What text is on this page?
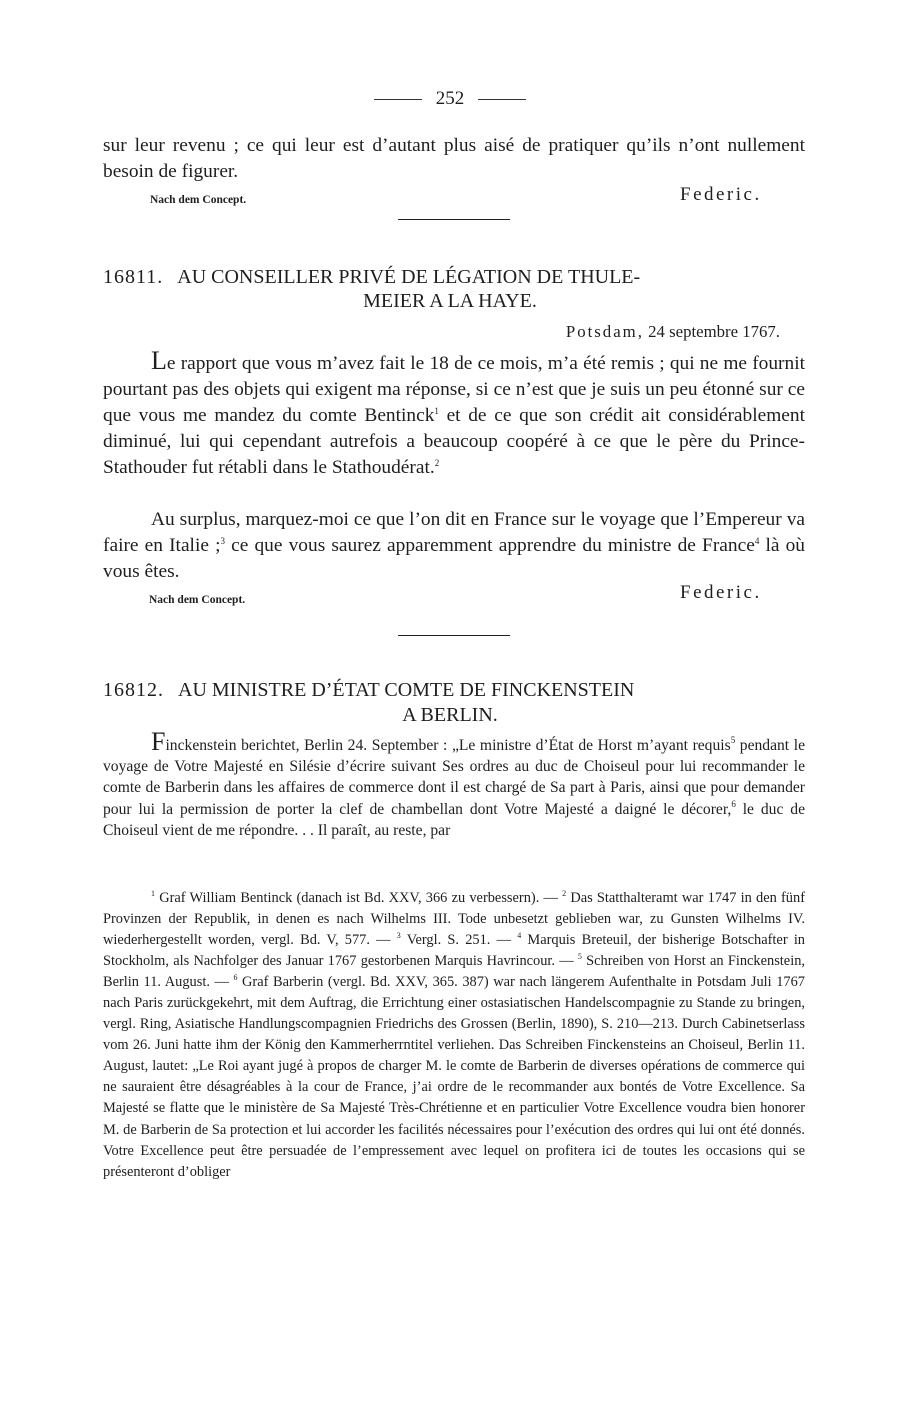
252

sur leur revenu ; ce qui leur est d’autant plus aisé de pratiquer qu’ils n’ont nullement besoin de figurer.

Nach dem Concept.	Federic.
16811. AU CONSEILLER PRIVÉ DE LÉGATION DE THULE-
MEIER A LA HAYE.
Potsdam, 24 septembre 1767.

Le rapport que vous m’avez fait le 18 de ce mois, m’a été remis ; qui ne me fournit pourtant pas des objets qui exigent ma réponse, si ce n’est que je suis un peu étonné sur ce que vous me mandez du comte Bentinck$^1$ et de ce que son crédit ait considérablement diminué, lui qui cependant autrefois a beaucoup coopéré à ce que le père du Prince-Stathouder fut rétabli dans le Stathoudérat.$^2$

Au surplus, marquez-moi ce que l’on dit en France sur le voyage que l’Empereur va faire en Italie ;$^3$ ce que vous saurez apparemment apprendre du ministre de France$^4$ là où vous êtes.

Nach dem Concept.	Federic.
16812. AU MINISTRE D’ÉTAT COMTE DE FINCKENSTEIN
A BERLIN.

Finckenstein berichtet, Berlin 24. September : „Le ministre d’État de Horst m’ayant requis$^5$ pendant le voyage de Votre Majesté en Silésie d’écrire suivant Ses ordres au duc de Choiseul pour lui recommander le comte de Barberin dans les affaires de commerce dont il est chargé de Sa part à Paris, ainsi que pour demander pour lui la permission de porter la clef de chambellan dont Votre Majesté a daigné le décorer,$^6$ le duc de Choiseul vient de me répondre. . . Il paraît, au reste, par

$^1$ Graf William Bentinck (danach ist Bd. XXV, 366 zu verbessern). — $^2$ Das Statthalteramt war 1747 in den fünf Provinzen der Republik, in denen es nach Wilhelms III. Tode unbesetzt geblieben war, zu Gunsten Wilhelms IV. wiederhergestellt worden, vergl. Bd. V, 577. — $^3$ Vergl. S. 251. — $^4$ Marquis Breteuil, der bisherige Botschafter in Stockholm, als Nachfolger des Januar 1767 gestorbenen Marquis Havrincour. — $^5$ Schreiben von Horst an Finckenstein, Berlin 11. August. — $^6$ Graf Barberin (vergl. Bd. XXV, 365. 387) war nach längerem Aufenthalte in Potsdam Juli 1767 nach Paris zurückgekehrt, mit dem Auftrag, die Errichtung einer ostasiatischen Handelscompagnie zu Stande zu bringen, vergl. Ring, Asiatische Handlungscompagnien Friedrichs des Grossen (Berlin, 1890), S. 210—213. Durch Cabinetserlass vom 26. Juni hatte ihm der König den Kammerherrntitel verliehen. Das Schreiben Finckensteins an Choiseul, Berlin 11. August, lautet: „Le Roi ayant jugé à propos de charger M. le comte de Barberin de diverses opérations de commerce qui ne sauraient être désagréables à la cour de France, j’ai ordre de le recommander aux bontés de Votre Excellence. Sa Majesté se flatte que le ministère de Sa Majesté Très-Chrétienne et en particulier Votre Excellence voudra bien honorer M. de Barberin de Sa protection et lui accorder les facilités nécessaires pour l’exécution des ordres qui lui ont été donnés. Votre Excellence peut être persuadée de l’empressement avec lequel on profitera ici de toutes les occasions qui se présenteront d’obliger
